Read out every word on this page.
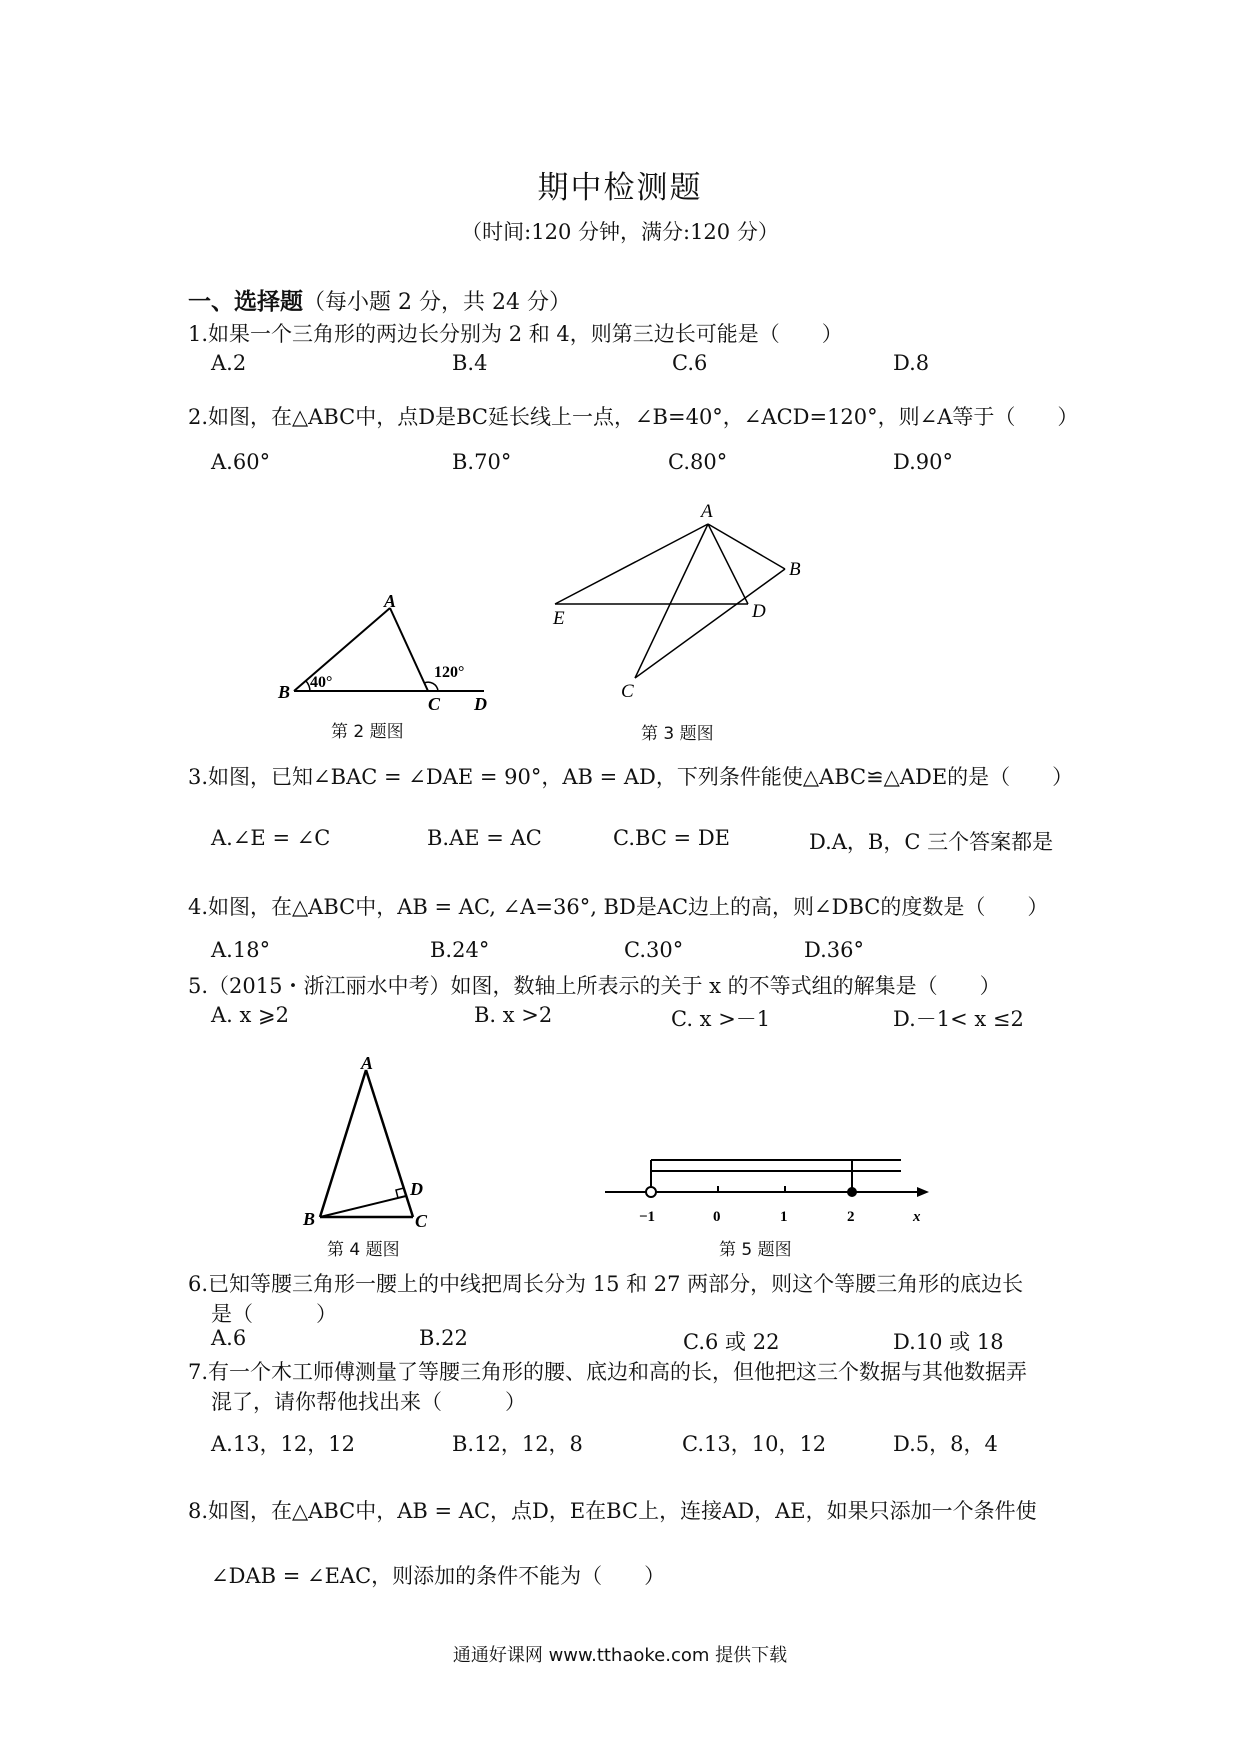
期中检测题
（时间:120 分钟，满分:120 分）
一、选择题（每小题 2 分，共 24 分）
1.如果一个三角形的两边长分别为 2 和 4，则第三边长可能是（　　）
A.2	B.4	C.6	D.8
2.如图，在△ABC中，点D是BC延长线上一点，∠B=40°，∠ACD=120°，则∠A等于（　　）
A.60°	B.70°	C.80°	D.90°
A
B
C D
40°
120°
第 2 题图
A
B
C
D
E
第 3 题图
3.如图，已知∠BAC = ∠DAE = 90°，AB = AD，下列条件能使△ABC≌△ADE的是（　　）
A.∠E = ∠C	B.AE = AC	C.BC = DE	D.A，B，C 三个答案都是
4.如图，在△ABC中，AB = AC, ∠A=36°, BD是AC边上的高，则∠DBC的度数是（　　）
A.18°	B.24°	C.30°	D.36°
5.（2015・浙江丽水中考）如图，数轴上所表示的关于 x 的不等式组的解集是（　　）
A. x ⩾2	B. x >2	C. x >－1	D.－1< x ≤2
A
B	C
D
第 4 题图
−1	0	1	2	x
第 5 题图
6.已知等腰三角形一腰上的中线把周长分为 15 和 27 两部分，则这个等腰三角形的底边长
是（　　　）
A.6	B.22	C.6 或 22	D.10 或 18
7.有一个木工师傅测量了等腰三角形的腰、底边和高的长，但他把这三个数据与其他数据弄
混了，请你帮他找出来（　　　）
A.13，12，12	B.12，12，8	C.13，10，12	D.5，8，4
8.如图，在△ABC中，AB = AC，点D，E在BC上，连接AD，AE，如果只添加一个条件使
∠DAB = ∠EAC，则添加的条件不能为（　　）
通通好课网 www.tthaoke.com 提供下载
